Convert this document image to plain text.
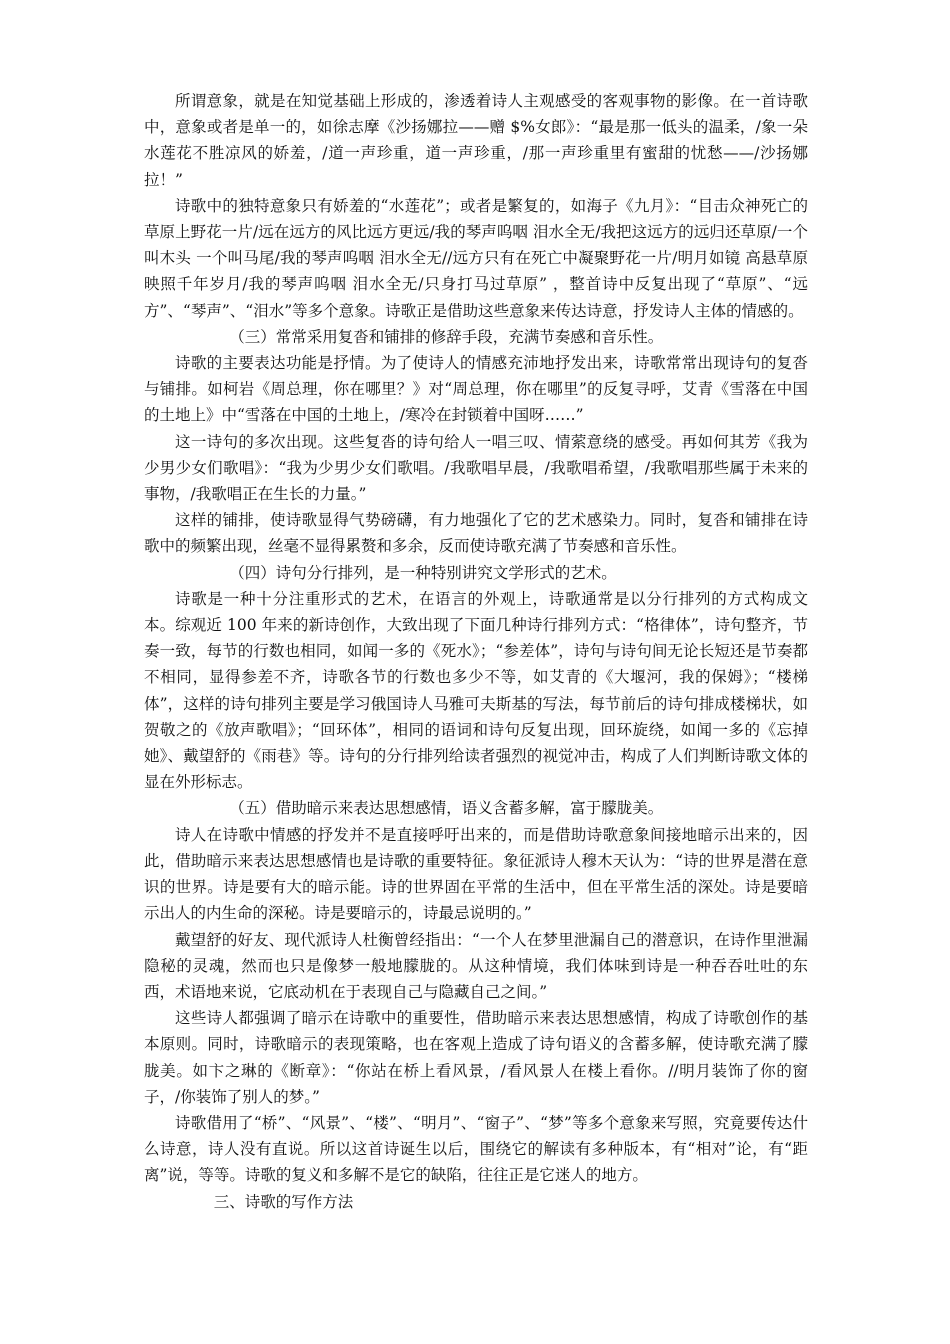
所谓意象，就是在知觉基础上形成的，渗透着诗人主观感受的客观事物的影像。在一首诗歌中，意象或者是单一的，如徐志摩《沙扬娜拉——赠 $%女郎》：“最是那一低头的温柔，/象一朵水莲花不胜凉风的娇羞，/道一声珍重，道一声珍重，/那一声珍重里有蜜甜的忧愁——/沙扬娜拉！”

诗歌中的独特意象只有娇羞的“水莲花”；或者是繁复的，如海子《九月》：“目击众神死亡的草原上野花一片/远在远方的风比远方更远/我的琴声呜咽 泪水全无/我把这远方的远归还草原/一个叫木头 一个叫马尾/我的琴声呜咽 泪水全无//远方只有在死亡中凝聚野花一片/明月如镜 高悬草原映照千年岁月/我的琴声呜咽 泪水全无/只身打马过草原” ，整首诗中反复出现了“草原”、“远方”、“琴声”、“泪水”等多个意象。诗歌正是借助这些意象来传达诗意，抒发诗人主体的情感的。

（三）常常采用复沓和铺排的修辞手段，充满节奏感和音乐性。

诗歌的主要表达功能是抒情。为了使诗人的情感充沛地抒发出来，诗歌常常出现诗句的复沓与铺排。如柯岩《周总理，你在哪里？》对“周总理，你在哪里”的反复寻呼，艾青《雪落在中国的土地上》中“雪落在中国的土地上，/寒冷在封锁着中国呀……”

这一诗句的多次出现。这些复沓的诗句给人一唱三叹、情萦意绕的感受。再如何其芳《我为少男少女们歌唱》：“我为少男少女们歌唱。/我歌唱早晨，/我歌唱希望，/我歌唱那些属于未来的事物，/我歌唱正在生长的力量。”

这样的铺排，使诗歌显得气势磅礴，有力地强化了它的艺术感染力。同时，复沓和铺排在诗歌中的频繁出现，丝毫不显得累赘和多余，反而使诗歌充满了节奏感和音乐性。

（四）诗句分行排列，是一种特别讲究文学形式的艺术。

诗歌是一种十分注重形式的艺术，在语言的外观上，诗歌通常是以分行排列的方式构成文本。综观近 100 年来的新诗创作，大致出现了下面几种诗行排列方式：“格律体”，诗句整齐，节奏一致，每节的行数也相同，如闻一多的《死水》；“参差体”，诗句与诗句间无论长短还是节奏都不相同，显得参差不齐，诗歌各节的行数也多少不等，如艾青的《大堰河，我的保姆》；“楼梯体”，这样的诗句排列主要是学习俄国诗人马雅可夫斯基的写法，每节前后的诗句排成楼梯状，如贺敬之的《放声歌唱》；“回环体”，相同的语词和诗句反复出现，回环旋绕，如闻一多的《忘掉她》、戴望舒的《雨巷》等。诗句的分行排列给读者强烈的视觉冲击，构成了人们判断诗歌文体的显在外形标志。

（五）借助暗示来表达思想感情，语义含蓄多解，富于朦胧美。

诗人在诗歌中情感的抒发并不是直接呼吁出来的，而是借助诗歌意象间接地暗示出来的，因此，借助暗示来表达思想感情也是诗歌的重要特征。象征派诗人穆木天认为：“诗的世界是潜在意识的世界。诗是要有大的暗示能。诗的世界固在平常的生活中，但在平常生活的深处。诗是要暗示出人的内生命的深秘。诗是要暗示的，诗最忌说明的。”

戴望舒的好友、现代派诗人杜衡曾经指出：“一个人在梦里泄漏自己的潜意识，在诗作里泄漏隐秘的灵魂，然而也只是像梦一般地朦胧的。从这种情境，我们体味到诗是一种吞吞吐吐的东西，术语地来说，它底动机在于表现自己与隐藏自己之间。”

这些诗人都强调了暗示在诗歌中的重要性，借助暗示来表达思想感情，构成了诗歌创作的基本原则。同时，诗歌暗示的表现策略，也在客观上造成了诗句语义的含蓄多解，使诗歌充满了朦胧美。如卞之琳的《断章》：“你站在桥上看风景，/看风景人在楼上看你。//明月装饰了你的窗子，/你装饰了别人的梦。”

诗歌借用了“桥”、“风景”、“楼”、“明月”、“窗子”、“梦”等多个意象来写照，究竟要传达什么诗意，诗人没有直说。所以这首诗诞生以后，围绕它的解读有多种版本，有“相对”论，有“距离”说，等等。诗歌的复义和多解不是它的缺陷，往往正是它迷人的地方。

三、诗歌的写作方法
